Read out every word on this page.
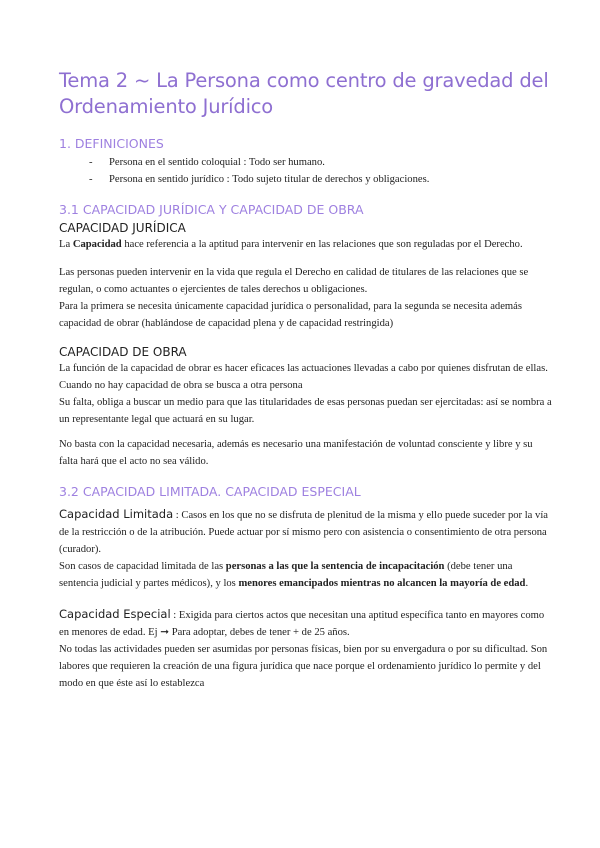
Tema 2 ~ La Persona como centro de gravedad del Ordenamiento Jurídico
1. DEFINICIONES
- Persona en el sentido coloquial : Todo ser humano.
- Persona en sentido jurídico : Todo sujeto titular de derechos y obligaciones.
3.1 CAPACIDAD JURÍDICA Y CAPACIDAD DE OBRA
CAPACIDAD JURÍDICA

La Capacidad hace referencia a la aptitud para intervenir en las relaciones que son reguladas por el Derecho.

Las personas pueden intervenir en la vida que regula el Derecho en calidad de titulares de las relaciones que se regulan, o como actuantes o ejercientes de tales derechos u obligaciones.

Para la primera se necesita únicamente capacidad jurídica o personalidad, para la segunda se necesita además capacidad de obrar (hablándose de capacidad plena y de capacidad restringida)

CAPACIDAD DE OBRA

La función de la capacidad de obrar es hacer eficaces las actuaciones llevadas a cabo por quienes disfrutan de ellas.

Cuando no hay capacidad de obra se busca a otra persona

Su falta, obliga a buscar un medio para que las titularidades de esas personas puedan ser ejercitadas: así se nombra a un representante legal que actuará en su lugar.

No basta con la capacidad necesaria, además es necesario una manifestación de voluntad consciente y libre y su falta hará que el acto no sea válido.

3.2 CAPACIDAD LIMITADA. CAPACIDAD ESPECIAL

Capacidad Limitada : Casos en los que no se disfruta de plenitud de la misma y ello puede suceder por la vía de la restricción o de la atribución. Puede actuar por sí mismo pero con asistencia o consentimiento de otra persona (curador).

Son casos de capacidad limitada de las personas a las que la sentencia de incapacitación (debe tener una sentencia judicial y partes médicos), y los menores emancipados mientras no alcancen la mayoría de edad.

Capacidad Especial : Exigida para ciertos actos que necesitan una aptitud específica tanto en mayores como en menores de edad. Ej ➞ Para adoptar, debes de tener + de 25 años.

No todas las actividades pueden ser asumidas por personas físicas, bien por su envergadura o por su dificultad. Son labores que requieren la creación de una figura jurídica que nace porque el ordenamiento jurídico lo permite y del modo en que éste así lo establezca
